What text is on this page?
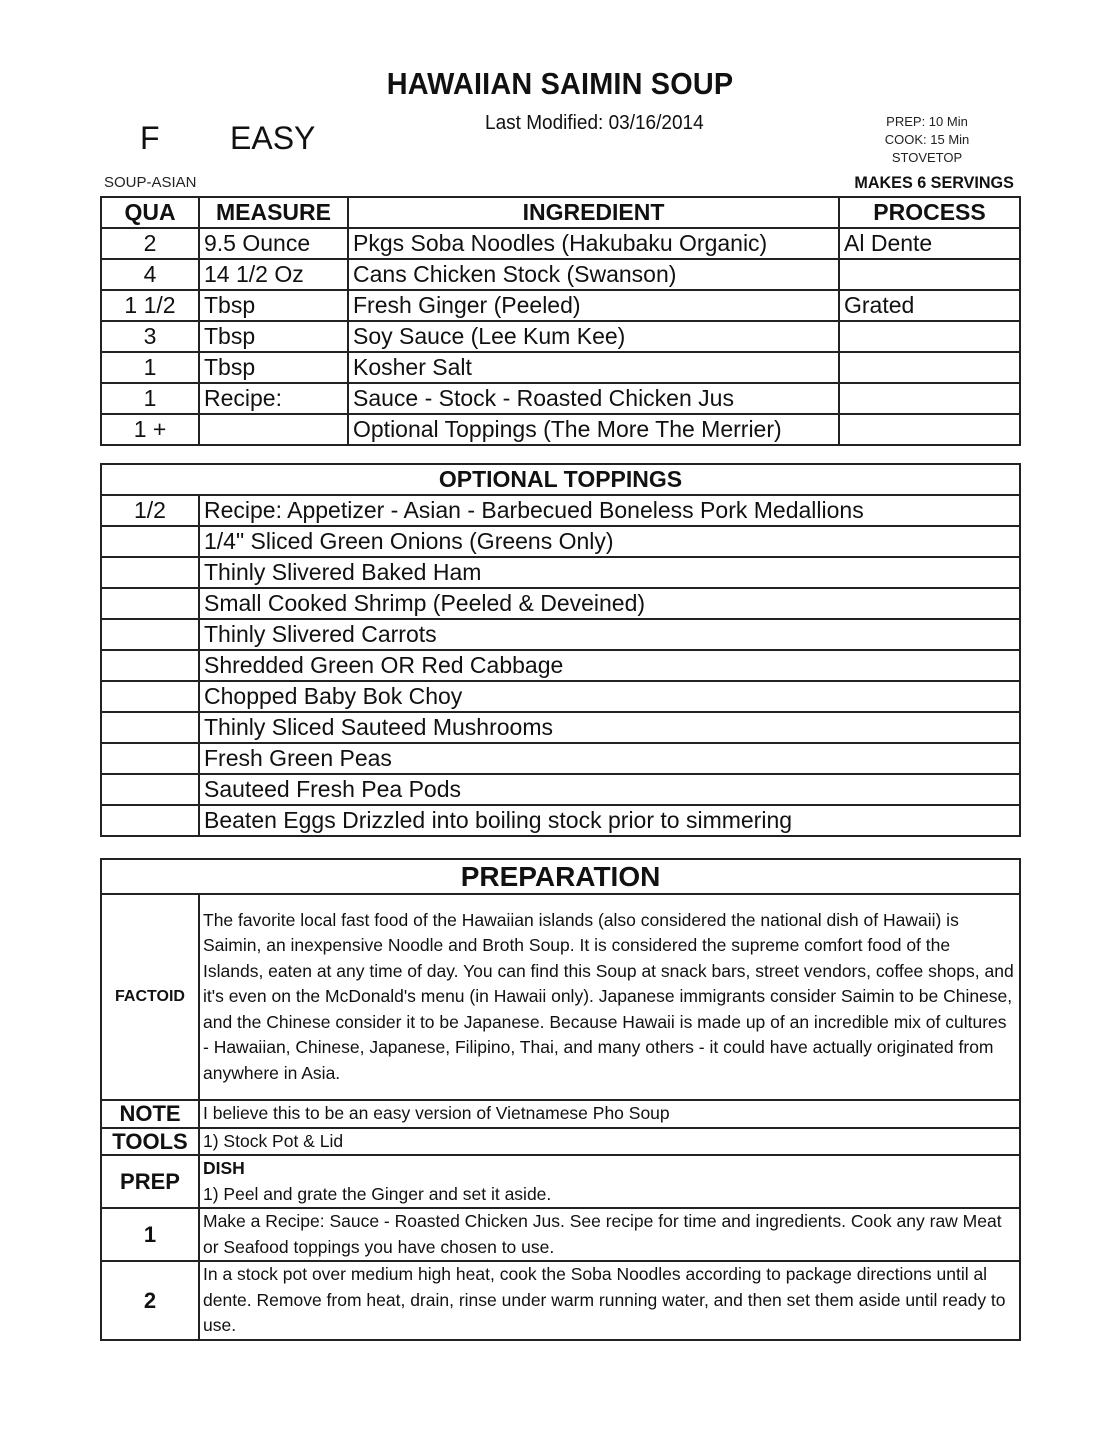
HAWAIIAN SAIMIN SOUP
Last Modified: 03/16/2014
F EASY	PREP: 10 Min
COOK: 15 Min
STOVETOP
SOUP-ASIAN	MAKES 6 SERVINGS
QUA	MEASURE	INGREDIENT	PROCESS
2	9.5 Ounce	Pkgs Soba Noodles (Hakubaku Organic)	Al Dente
4	14 1/2 Oz	Cans Chicken Stock (Swanson)	
1 1/2	Tbsp	Fresh Ginger (Peeled)	Grated
3	Tbsp	Soy Sauce (Lee Kum Kee)	
1	Tbsp	Kosher Salt	
1	Recipe:	Sauce - Stock - Roasted Chicken Jus	
1 +		Optional Toppings (The More The Merrier)	
OPTIONAL TOPPINGS	
1/2	Recipe: Appetizer - Asian - Barbecued Boneless Pork Medallions
	1/4" Sliced Green Onions (Greens Only)
	Thinly Slivered Baked Ham
	Small Cooked Shrimp (Peeled & Deveined)
	Thinly Slivered Carrots
	Shredded Green OR Red Cabbage
	Chopped Baby Bok Choy
	Thinly Sliced Sauteed Mushrooms
	Fresh Green Peas
	Sauteed Fresh Pea Pods
	Beaten Eggs Drizzled into boiling stock prior to simmering
PREPARATION	
FACTOID	The favorite local fast food of the Hawaiian islands (also considered the national dish of Hawaii) is Saimin, an inexpensive Noodle and Broth Soup. It is considered the supreme comfort food of the Islands, eaten at any time of day. You can find this Soup at snack bars, street vendors, coffee shops, and it's even on the McDonald's menu (in Hawaii only). Japanese immigrants consider Saimin to be Chinese, and the Chinese consider it to be Japanese. Because Hawaii is made up of an incredible mix of cultures - Hawaiian, Chinese, Japanese, Filipino, Thai, and many others - it could have actually originated from anywhere in Asia.
NOTE	I believe this to be an easy version of Vietnamese Pho Soup
TOOLS	1) Stock Pot & Lid
PREP	DISH
1) Peel and grate the Ginger and set it aside.
1	Make a Recipe: Sauce - Roasted Chicken Jus. See recipe for time and ingredients. Cook any raw Meat or Seafood toppings you have chosen to use.
2	In a stock pot over medium high heat, cook the Soba Noodles according to package directions until al dente. Remove from heat, drain, rinse under warm running water, and then set them aside until ready to use.
